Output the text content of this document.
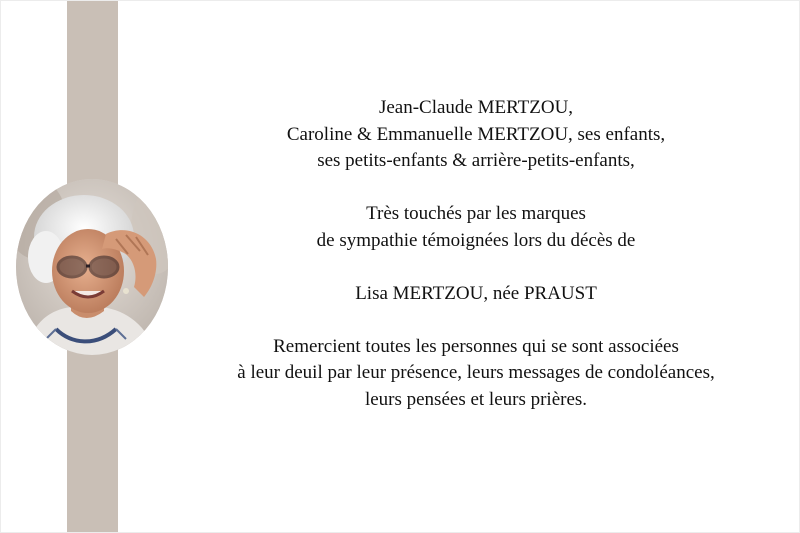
Jean-Claude MERTZOU,
Caroline & Emmanuelle MERTZOU, ses enfants,
ses petits-enfants & arrière-petits-enfants,
Très touchés par les marques
de sympathie témoignées lors du décès de
Lisa MERTZOU, née PRAUST
Remercient toutes les personnes qui se sont associées
à leur deuil par leur présence, leurs messages de condoléances,
leurs pensées et leurs prières.
